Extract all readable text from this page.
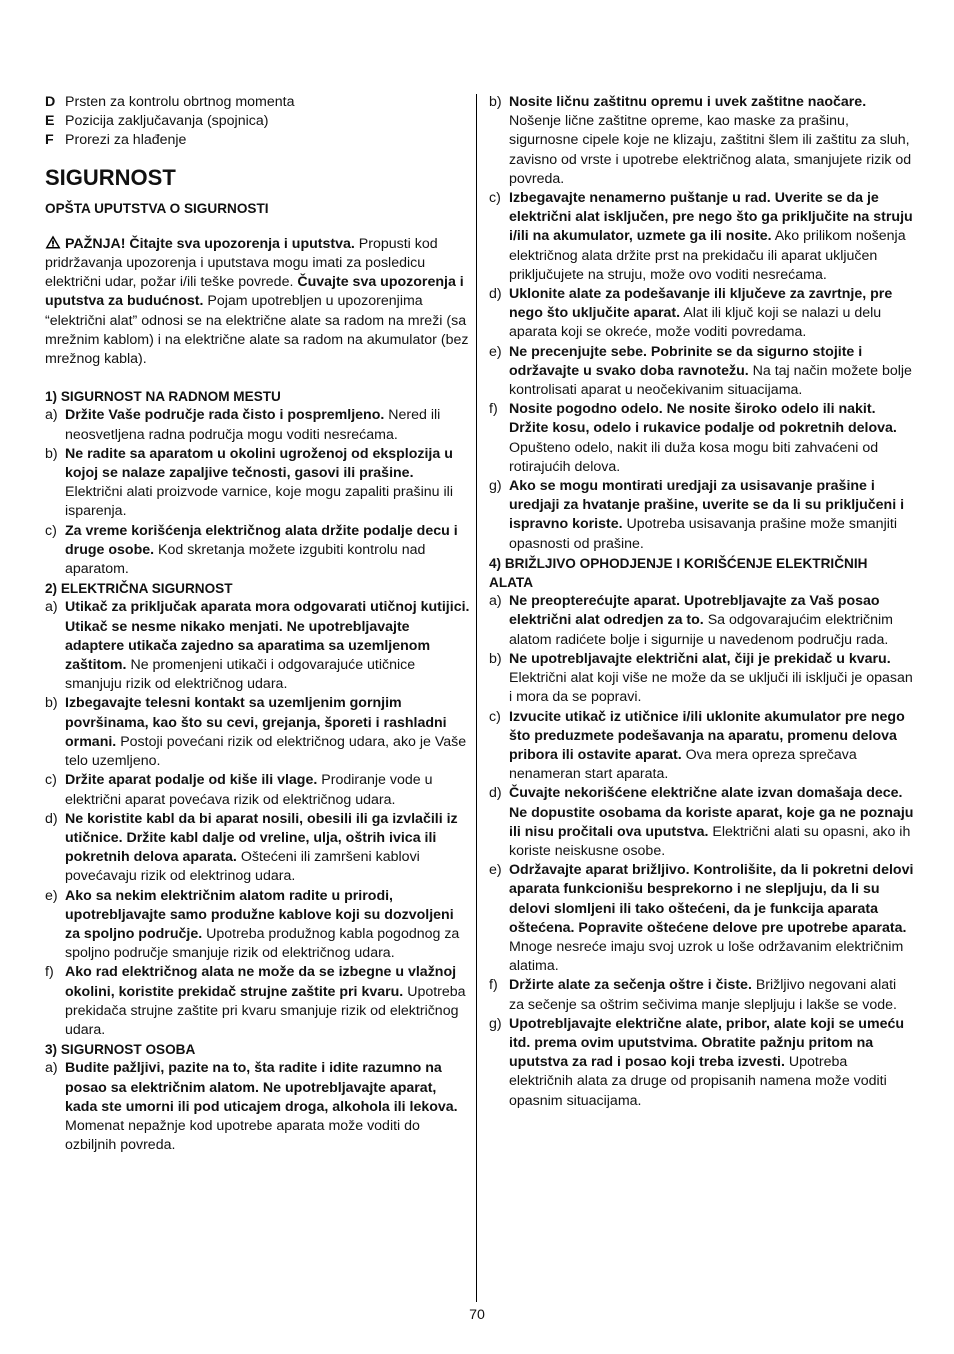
D Prsten za kontrolu obrtnog momenta
E Pozicija zaključavanja (spojnica)
F Prorezi za hlađenje
SIGURNOST
OPŠTA UPUTSTVA O SIGURNOSTI
PAŽNJA! Čitajte sva upozorenja i uputstva. Propusti kod pridržavanja upozorenja i uputstava mogu imati za posledicu električni udar, požar i/ili teške povrede. Čuvajte sva upozorenja i uputstva za budućnost. Pojam upotrebljen u upozorenjima “električni alat” odnosi se na električne alate sa radom na mreži (sa mrežnim kablom) i na električne alate sa radom na akumulator (bez mrežnog kabla).
1) SIGURNOST NA RADNOM MESTU
a) Držite Vaše područje rada čisto i pospremljeno. Nered ili neosvetljena radna područja mogu voditi nesrećama.
b) Ne radite sa aparatom u okolini ugroženoj od eksplozija u kojoj se nalaze zapaljive tečnosti, gasovi ili prašine. Električni alati proizvode varnice, koje mogu zapaliti prašinu ili isparenja.
c) Za vreme korišćenja električnog alata držite podalje decu i druge osobe. Kod skretanja možete izgubiti kontrolu nad aparatom.
2) ELEKTRIČNA SIGURNOST
a) Utikač za priključak aparata mora odgovarati utičnoj kutijici. Utikač se nesme nikako menjati. Ne upotrebljavajte adaptere utikača zajedno sa aparatima sa uzemljenom zaštitom. Ne promenjeni utikači i odgovarajuće utičnice smanjuju rizik od električnog udara.
b) Izbegavajte telesni kontakt sa uzemljenim gornjim površinama, kao što su cevi, grejanja, šporeti i rashladni ormani. Postoji povećani rizik od električnog udara, ako je Vaše telo uzemljeno.
c) Držite aparat podalje od kiše ili vlage. Prodiranje vode u električni aparat povećava rizik od električnog udara.
d) Ne koristite kabl da bi aparat nosili, obesili ili ga izvlačili iz utičnice. Držite kabl dalje od vreline, ulja, oštrih ivica ili pokretnih delova aparata. Oštećeni ili zamršeni kablovi povećavaju rizik od elektrinog udara.
e) Ako sa nekim električnim alatom radite u prirodi, upotrebljavajte samo produžne kablove koji su dozvoljeni za spoljno područje. Upotreba produžnog kabla pogodnog za spoljno područje smanjuje rizik od električnog udara.
f) Ako rad električnog alata ne može da se izbegne u vlažnoj okolini, koristite prekidač strujne zaštite pri kvaru. Upotreba prekidača strujne zaštite pri kvaru smanjuje rizik od električnog udara.
3) SIGURNOST OSOBA
a) Budite pažljivi, pazite na to, šta radite i idite razumno na posao sa električnim alatom. Ne upotrebljavajte aparat, kada ste umorni ili pod uticajem droga, alkohola ili lekova. Momenat nepažnje kod upotrebe aparata može voditi do ozbiljnih povreda.
b) Nosite ličnu zaštitnu opremu i uvek zaštitne naočare. Nošenje lične zaštitne opreme, kao maske za prašinu, sigurnosne cipele koje ne klizaju, zaštitni šlem ili zaštitu za sluh, zavisno od vrste i upotrebe električnog alata, smanjujete rizik od povreda.
c) Izbegavajte nenamerno puštanje u rad. Uverite se da je električni alat isključen, pre nego što ga priključite na struju i/ili na akumulator, uzmete ga ili nosite. Ako prilikom nošenja električnog alata držite prst na prekidaču ili aparat uključen priključujete na struju, može ovo voditi nesrećama.
d) Uklonite alate za podešavanje ili ključeve za zavrtnje, pre nego što uključite aparat. Alat ili ključ koji se nalazi u delu aparata koji se okreće, može voditi povredama.
e) Ne precenjujte sebe. Pobrinite se da sigurno stojite i održavajte u svako doba ravnotežu. Na taj način možete bolje kontrolisati aparat u neočekivanim situacijama.
f) Nosite pogodno odelo. Ne nosite široko odelo ili nakit. Držite kosu, odelo i rukavice podalje od pokretnih delova. Opušteno odelo, nakit ili duža kosa mogu biti zahvaćeni od rotirajućih delova.
g) Ako se mogu montirati uredjaji za usisavanje prašine i uredjaji za hvatanje prašine, uverite se da li su priključeni i ispravno koriste. Upotreba usisavanja prašine može smanjiti opasnosti od prašine.
4) BRIŽLJIVO OPHODJENJE I KORIŠĆENJE ELEKTRIČNIH ALATA
a) Ne preopterećujte aparat. Upotrebljavajte za Vaš posao električni alat odredjen za to. Sa odgovarajućim električnim alatom radićete bolje i sigurnije u navedenom području rada.
b) Ne upotrebljavajte električni alat, čiji je prekidač u kvaru. Električni alat koji više ne može da se uključi ili isključi je opasan i mora da se popravi.
c) Izvucite utikač iz utičnice i/ili uklonite akumulator pre nego što preduzmete podešavanja na aparatu, promenu delova pribora ili ostavite aparat. Ova mera opreza sprečava nenameran start aparata.
d) Čuvajte nekorišćene električne alate izvan domašaja dece. Ne dopustite osobama da koriste aparat, koje ga ne poznaju ili nisu pročitali ova uputstva. Električni alati su opasni, ako ih koriste neiskusne osobe.
e) Održavajte aparat brižljivo. Kontrolišite, da li pokretni delovi aparata funkcionišu besprekorno i ne slepljuju, da li su delovi slomljeni ili tako oštećeni, da je funkcija aparata oštećena. Popravite oštećene delove pre upotrebe aparata. Mnoge nesreće imaju svoj uzrok u loše održavanim električnim alatima.
f) Držirte alate za sečenja oštre i čiste. Brižljivo negovani alati za sečenje sa oštrim sečivima manje slepljuju i lakše se vode.
g) Upotrebljavajte električne alate, pribor, alate koji se umeću itd. prema ovim uputstvima. Obratite pažnju pritom na uputstva za rad i posao koji treba izvesti. Upotreba električnih alata za druge od propisanih namena može voditi opasnim situacijama.
70
